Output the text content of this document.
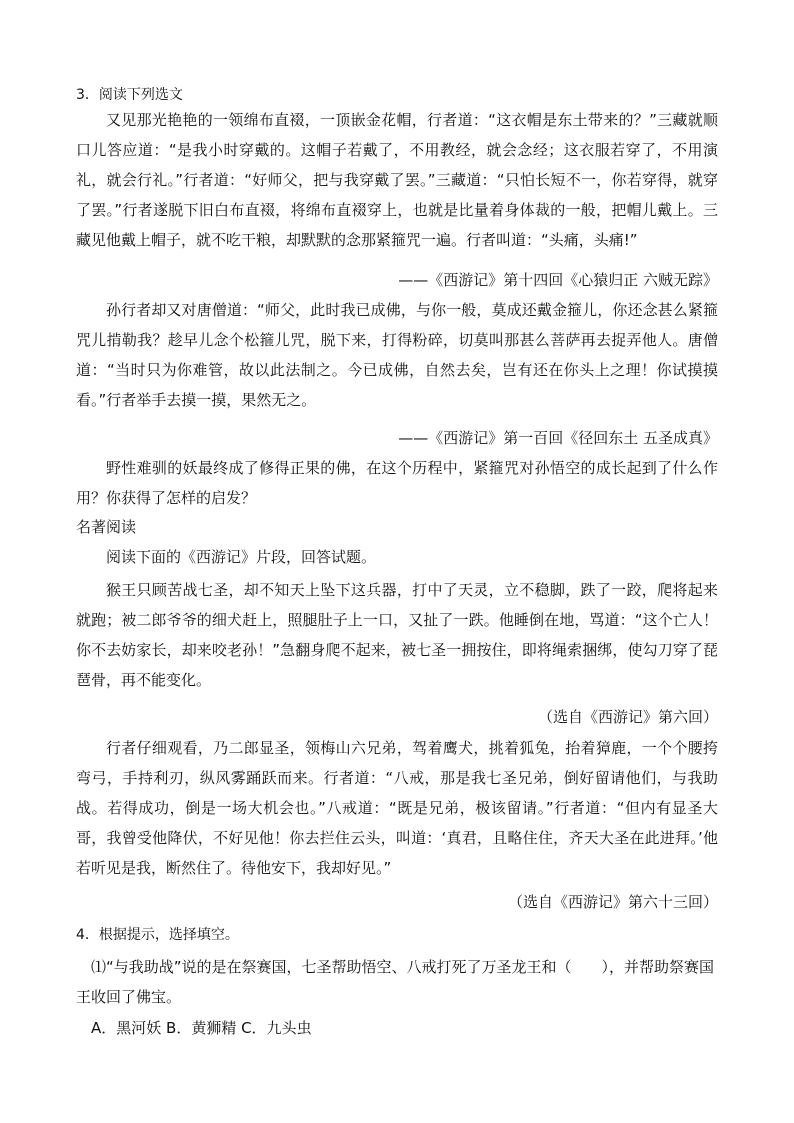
3．阅读下列选文
又见那光艳艳的一领绵布直裰，一顶嵌金花帽，行者道：“这衣帽是东土带来的？”三藏就顺口儿答应道：“是我小时穿戴的。这帽子若戴了，不用教经，就会念经；这衣服若穿了，不用演礼，就会行礼。”行者道：“好师父，把与我穿戴了罢。”三藏道：“只怕长短不一，你若穿得，就穿了罢。”行者遂脱下旧白布直裰，将绵布直裰穿上，也就是比量着身体裁的一般，把帽儿戴上。三藏见他戴上帽子，就不吃干粮，却默默的念那紧箍咒一遍。行者叫道：“头痛，头痛!”
——《西游记》第十四回《心猿归正 六贼无踪》
孙行者却又对唐僧道：“师父，此时我已成佛，与你一般，莫成还戴金箍儿，你还念甚么紧箍咒儿掯勒我？趁早儿念个松箍儿咒，脱下来，打得粉碎，切莫叫那甚么菩萨再去捉弄他人。唐僧道：“当时只为你难管，故以此法制之。今已成佛，自然去矣，岂有还在你头上之理！你试摸摸看。”行者举手去摸一摸，果然无之。
——《西游记》第一百回《径回东土 五圣成真》
野性难驯的妖最终成了修得正果的佛，在这个历程中，紧箍咒对孙悟空的成长起到了什么作用？你获得了怎样的启发？
名著阅读
阅读下面的《西游记》片段，回答试题。
猴王只顾苦战七圣，却不知天上坠下这兵器，打中了天灵，立不稳脚，跌了一跤，爬将起来就跑；被二郎爷爷的细犬赶上，照腿肚子上一口，又扯了一跌。他睡倒在地，骂道：“这个亡人！你不去妨家长，却来咬老孙！”急翻身爬不起来，被七圣一拥按住，即将绳索捆绑，使勾刀穿了琵琶骨，再不能变化。
（选自《西游记》第六回）
行者仔细观看，乃二郎显圣，领梅山六兄弟，驾着鹰犬，挑着狐兔，抬着獐鹿，一个个腰挎弯弓，手持利刃，纵风雾踊跃而来。行者道：“八戒，那是我七圣兄弟，倒好留请他们，与我助战。若得成功，倒是一场大机会也。”八戒道：“既是兄弟，极该留请。”行者道：“但内有显圣大哥，我曾受他降伏，不好见他！你去拦住云头，叫道：‘真君，且略住住，齐天大圣在此进拜。’他若听见是我，断然住了。待他安下，我却好见。”
（选自《西游记》第六十三回）
4．根据提示，选择填空。
⑴“与我助战”说的是在祭赛国，七圣帮助悟空、八戒打死了万圣龙王和（　　），并帮助祭赛国王收回了佛宝。
A．黑河妖 B．黄狮精 C．九头虫
